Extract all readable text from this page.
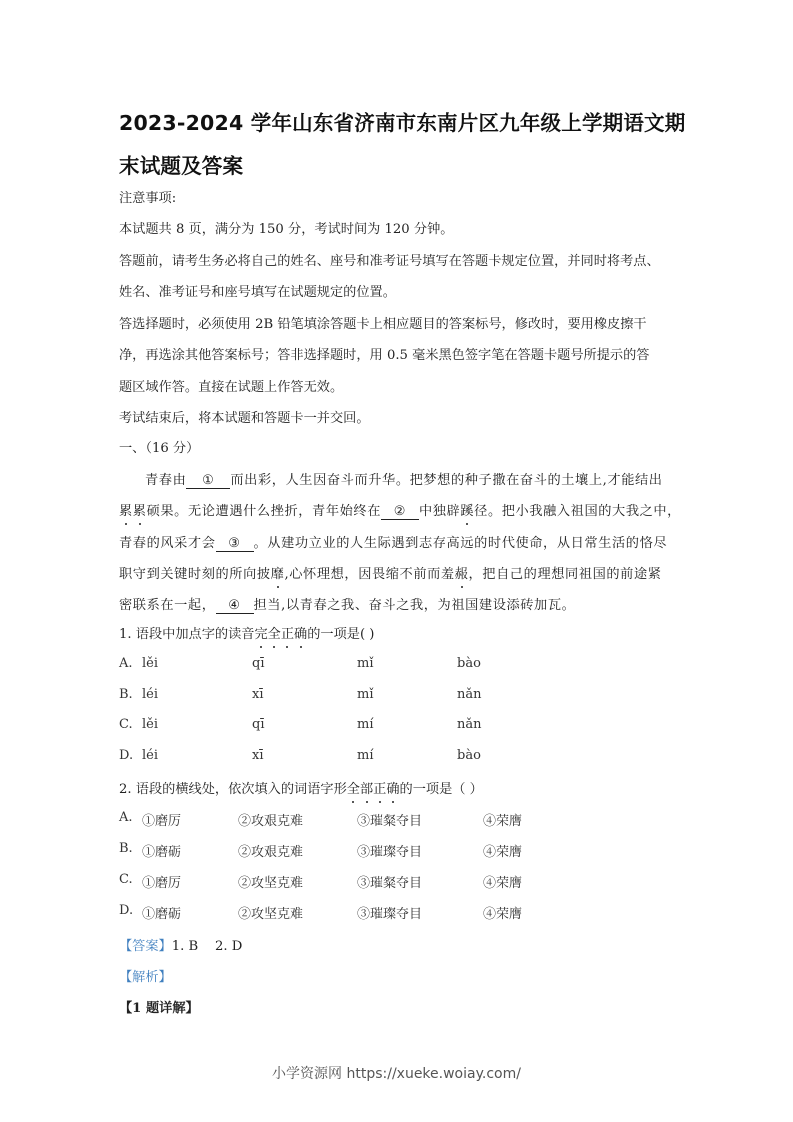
2023-2024 学年山东省济南市东南片区九年级上学期语文期
末试题及答案
注意事项:
本试题共 8 页，满分为 150 分，考试时间为 120 分钟。
答题前，请考生务必将自己的姓名、座号和准考证号填写在答题卡规定位置，并同时将考点、
姓名、准考证号和座号填写在试题规定的位置。
答选择题时，必须使用 2B 铅笔填涂答题卡上相应题目的答案标号，修改时，要用橡皮擦干
净，再选涂其他答案标号；答非选择题时，用 0.5 毫米黑色签字笔在答题卡题号所提示的答
题区域作答。直接在试题上作答无效。
考试结束后，将本试题和答题卡一并交回。
一、（16 分）
青春由 ① 而出彩，人生因奋斗而升华。把梦想的种子撒在奋斗的土壤上,才能结出
累累硕果。无论遭遇什么挫折，青年始终在 ② 中独辟蹊径。把小我融入祖国的大我之中，
青春的风采才会 ③ 。从建功立业的人生际遇到志存高远的时代使命，从日常生活的恪尽
职守到关键时刻的所向披靡,心怀理想，因畏缩不前而羞赧，把自己的理想同祖国的前途紧
密联系在一起， ④ 担当,以青春之我、奋斗之我，为祖国建设添砖加瓦。
1. 语段中加点字的读音完全正确的一项是( )
A. lěi	qī	mǐ	bào
B. léi	xī	mǐ	nǎn
C. lěi	qī	mí	nǎn
D. léi	xī	mí	bào
2. 语段的横线处，依次填入的词语字形全部正确的一项是（ ）
A. ①磨厉	②攻艰克难	③璀粲夺目	④荣膺
B. ①磨砺	②攻艰克难	③璀璨夺目	④荣膺
C. ①磨厉	②攻坚克难	③璀粲夺目	④荣膺
D. ①磨砺	②攻坚克难	③璀璨夺目	④荣膺
【答案】1. B    2. D
【解析】
【1 题详解】
小学资源网 https://xueke.woiay.com/
